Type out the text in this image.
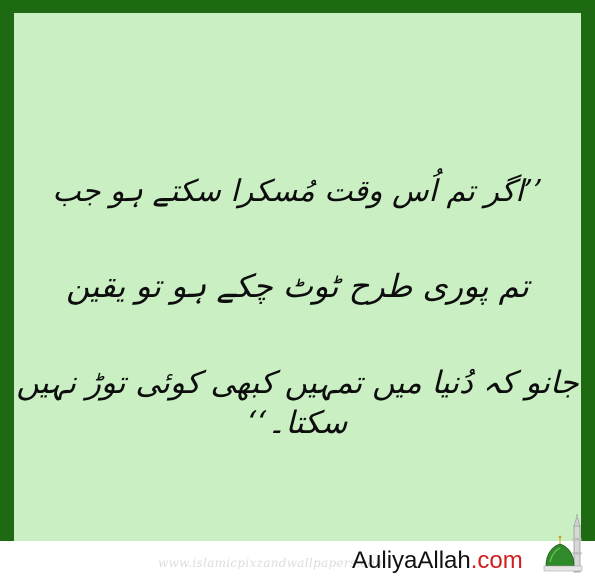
’’اگر تم اُس وقت مُسکرا سکتے ہو جب
تم پوری طرح ٹوٹ چکے ہو تو یقین
جانو کہ دُنیا میں تمہیں کبھی کوئی توڑ نہیں سکتا۔‘‘
www.islamicpixzandwallpapers.com
AuliyaAllah.com
